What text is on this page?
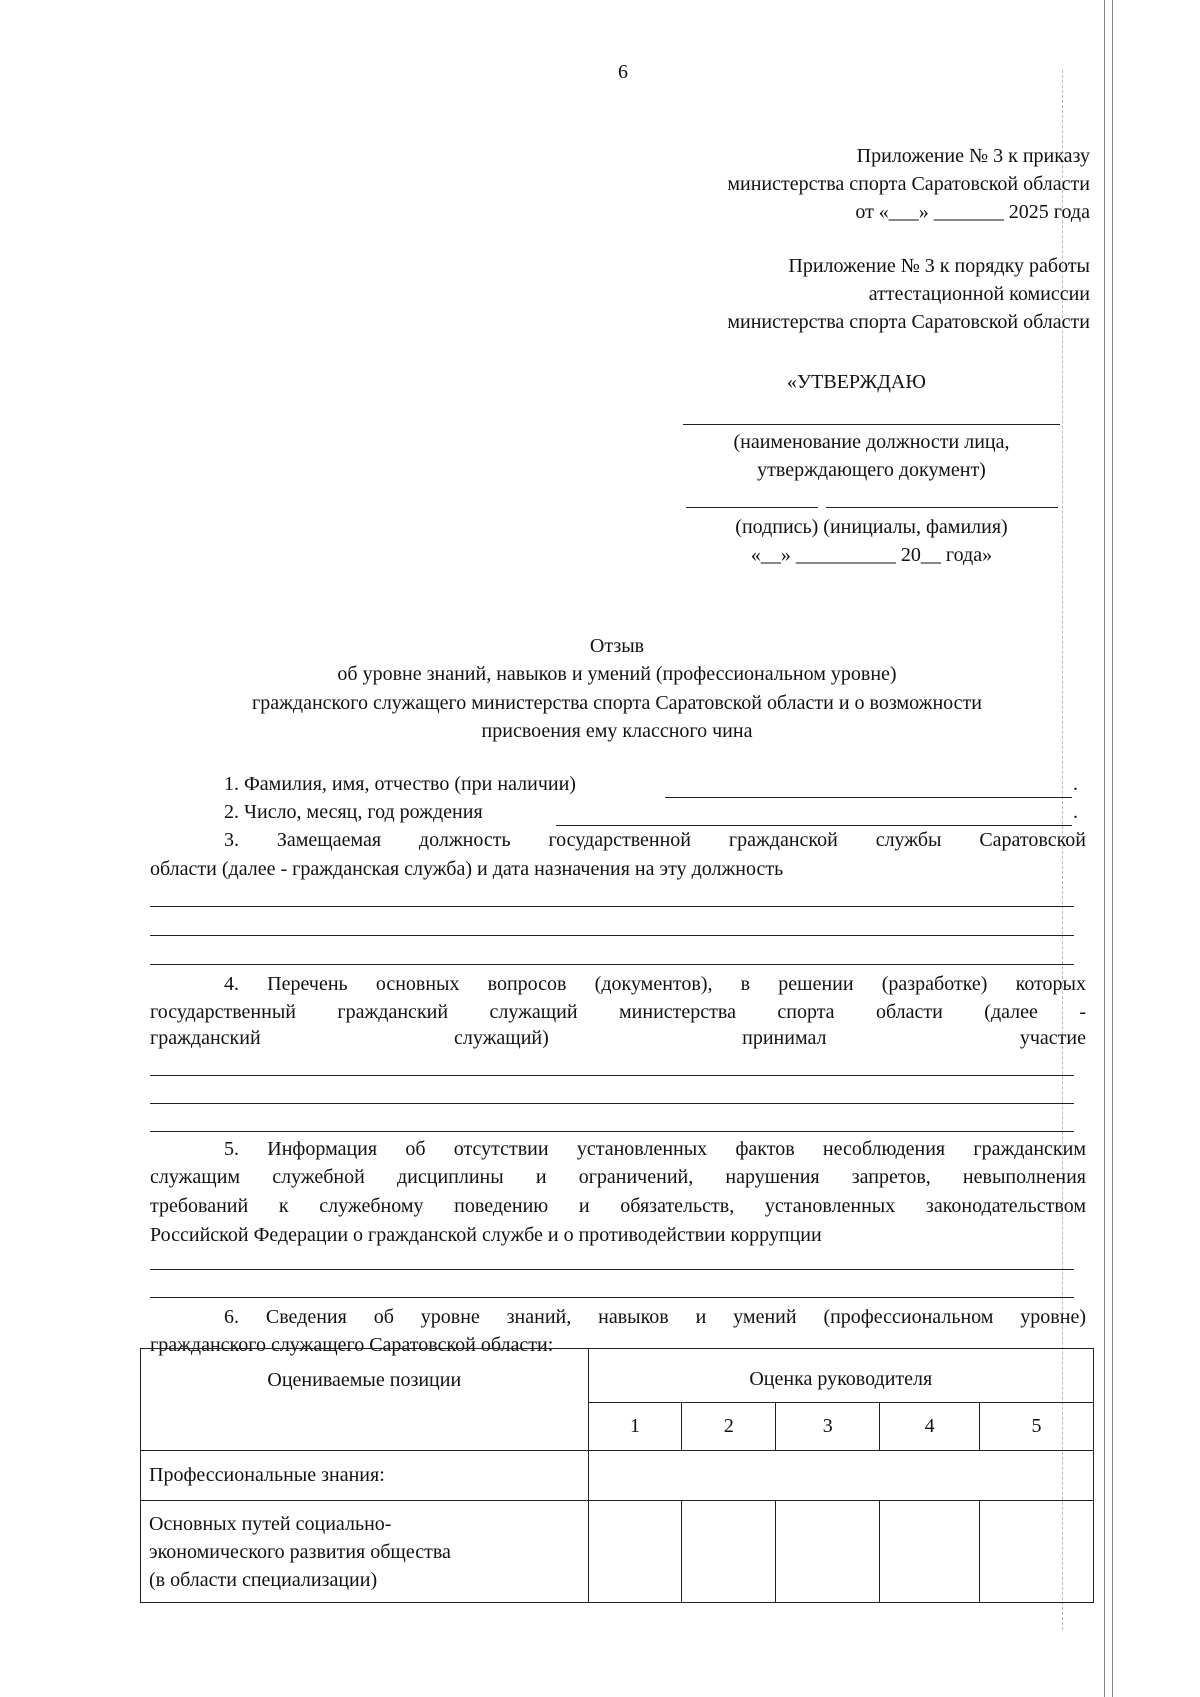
6
Приложение № 3 к приказу
министерства спорта Саратовской области
от «___» _______ 2025 года
Приложение № 3 к порядку работы
аттестационной комиссии
министерства спорта Саратовской области
«УТВЕРЖДАЮ
(наименование должности лица,
утверждающего документ)
(подпись) (инициалы, фамилия)
«__» __________ 20__ года»
Отзыв
об уровне знаний, навыков и умений (профессиональном уровне)
гражданского служащего министерства спорта Саратовской области и о возможности
присвоения ему классного чина
1. Фамилия, имя, отчество (при наличии)	.
2. Число, месяц, год рождения	.
3. Замещаемая должность государственной гражданской службы Саратовской
области (далее - гражданская служба) и дата назначения на эту должность
4. Перечень основных вопросов (документов), в решении (разработке) которых
государственный гражданский служащий министерства спорта области (далее -
гражданский служащий) принимал участие
5. Информация об отсутствии установленных фактов несоблюдения гражданским
служащим служебной дисциплины и ограничений, нарушения запретов, невыполнения
требований к служебному поведению и обязательств, установленных законодательством
Российской Федерации о гражданской службе и о противодействии коррупции
6. Сведения об уровне знаний, навыков и умений (профессиональном уровне)
гражданского служащего Саратовской области:
Оцениваемые позиции	Оценка руководителя				
	1	2	3	4	5
Профессиональные знания:					

Основных путей социально-
экономического развития общества
(в области специализации)					
